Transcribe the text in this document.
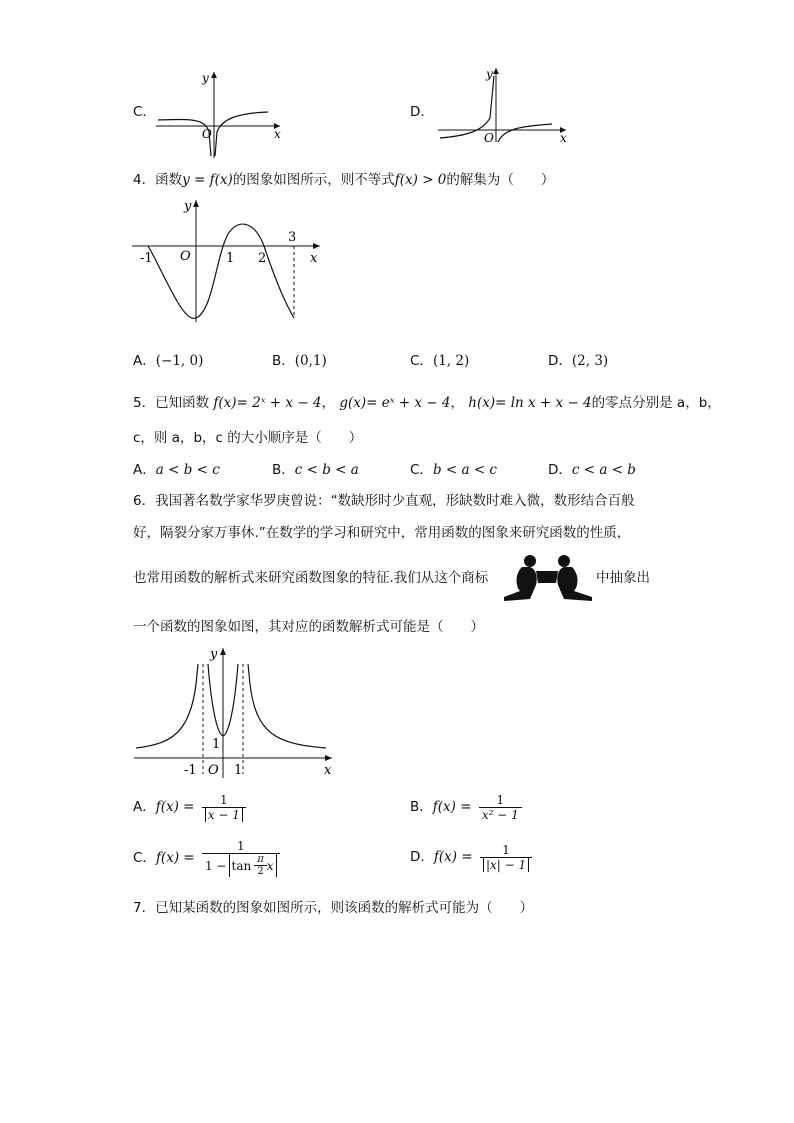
C．
y
x
O
D．
y
x
O
4．函数y = f(x)的图象如图所示，则不等式f(x) > 0的解集为（　　）
y
x
O
-1	1 2
3
A．(−1, 0)	B．(0,1)	C．(1, 2)	D．(2, 3)
5．已知函数 f(x)= 2ˣ + x − 4， g(x)= eˣ + x − 4， h(x)= ln x + x − 4的零点分别是 a，b，
c，则 a，b，c 的大小顺序是（　　）
A．a < b < c	B．c < b < a	C．b < a < c	D．c < a < b
6．我国著名数学家华罗庚曾说：“数缺形时少直观，形缺数时难入微，数形结合百般
好，隔裂分家万事休.”在数学的学习和研究中，常用函数的图象来研究函数的性质，
也常用函数的解析式来研究函数图象的特征.我们从这个商标	中抽象出
一个函数的图象如图，其对应的函数解析式可能是（　　）
y
x
O
-1	1
1
A．$f(x) = \frac{1}{x - 1}$	B．$f(x) = \frac{1}{\text{x² − 1}}$
C．$f(x) = \frac{1}{1 - \tan \frac{\pi}{2} x}$	D．$f(x) = \frac{1}{|x| - 1}$
7．已知某函数的图象如图所示，则该函数的解析式可能为（　　）
